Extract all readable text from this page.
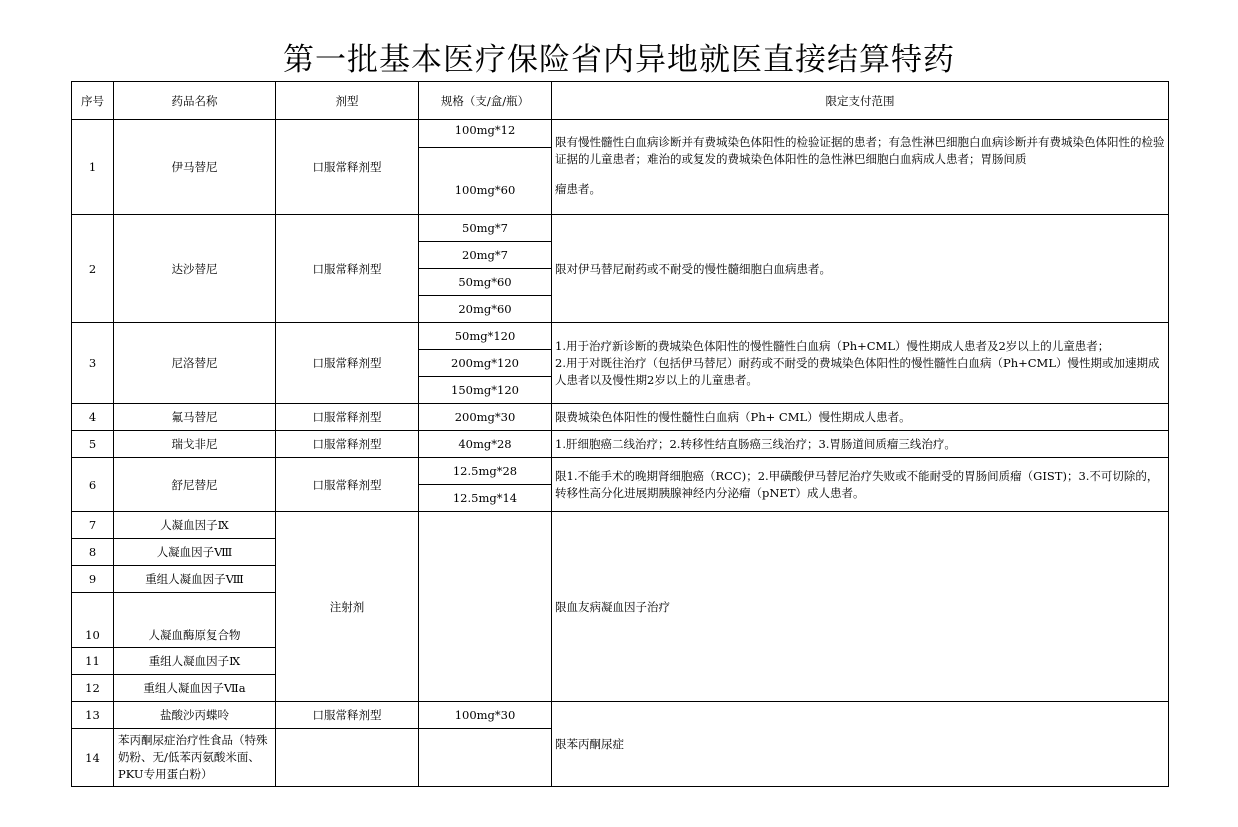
第一批基本医疗保险省内异地就医直接结算特药
序号	药品名称	剂型	规格（支/盒/瓶）	限定支付范围
1	伊马替尼	口服常释剂型	100mg*12	限有慢性髓性白血病诊断并有费城染色体阳性的检验证据的患者；有急性淋巴细胞白血病诊断并有费城染色体阳性的检验证据的儿童患者；难治的或复发的费城染色体阳性的急性淋巴细胞白血病成人患者；胃肠间质
瘤患者。

			100mg*60	
2	达沙替尼	口服常释剂型	50mg*7	限对伊马替尼耐药或不耐受的慢性髓细胞白血病患者。
			20mg*7	
			50mg*60	
			20mg*60	
3	尼洛替尼	口服常释剂型	50mg*120	1.用于治疗新诊断的费城染色体阳性的慢性髓性白血病（Ph+CML）慢性期成人患者及2岁以上的儿童患者；
2.用于对既往治疗（包括伊马替尼）耐药或不耐受的费城染色体阳性的慢性髓性白血病（Ph+CML）慢性期或加速期成人患者以及慢性期2岁以上的儿童患者。

			200mg*120	
			150mg*120	
4	氟马替尼	口服常释剂型	200mg*30	限费城染色体阳性的慢性髓性白血病（Ph+ CML）慢性期成人患者。
5	瑞戈非尼	口服常释剂型	40mg*28	1.肝细胞癌二线治疗；2.转移性结直肠癌三线治疗；3.胃肠道间质瘤三线治疗。
6	舒尼替尼	口服常释剂型	12.5mg*28	限1.不能手术的晚期肾细胞癌（RCC)；2.甲磺酸伊马替尼治疗失败或不能耐受的胃肠间质瘤（GIST)；3.不可切除的，转移性高分化进展期胰腺神经内分泌瘤（pNET）成人患者。
			12.5mg*14	
7	人凝血因子Ⅸ	注射剂		限血友病凝血因子治疗
8	人凝血因子Ⅷ			
9	重组人凝血因子Ⅷ			
10	人凝血酶原复合物			
11	重组人凝血因子Ⅸ			
12	重组人凝血因子Ⅶa			
13	盐酸沙丙蝶呤	口服常释剂型	100mg*30	限苯丙酮尿症
14	苯丙酮尿症治疗性食品（特殊奶粉、无/低苯丙氨酸米面、PKU专用蛋白粉）			
